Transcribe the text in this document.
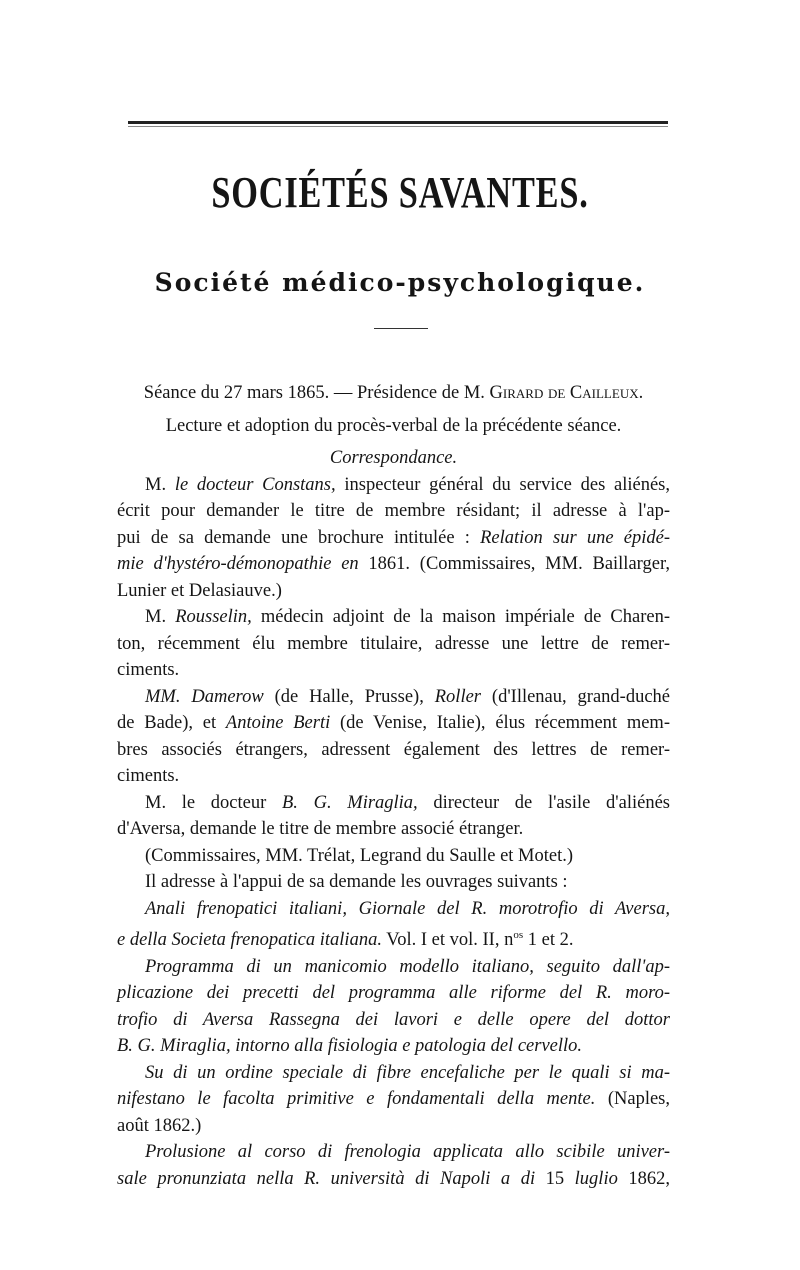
SOCIÉTÉS SAVANTES.
Société médico-psychologique.
Séance du 27 mars 1865. — Présidence de M. Girard de Cailleux.
Lecture et adoption du procès-verbal de la précédente séance.
Correspondance.
M. le docteur Constans, inspecteur général du service des aliénés,
écrit pour demander le titre de membre résidant; il adresse à l'ap-
pui de sa demande une brochure intitulée : Relation sur une épidé-
mie d'hystéro-démonopathie en 1861. (Commissaires, MM. Baillarger,
Lunier et Delasiauve.)
M. Rousselin, médecin adjoint de la maison impériale de Charen-
ton, récemment élu membre titulaire, adresse une lettre de remer-
ciments.
MM. Damerow (de Halle, Prusse), Roller (d'Illenau, grand-duché
de Bade), et Antoine Berti (de Venise, Italie), élus récemment mem-
bres associés étrangers, adressent également des lettres de remer-
ciments.
M. le docteur B. G. Miraglia, directeur de l'asile d'aliénés
d'Aversa, demande le titre de membre associé étranger.
(Commissaires, MM. Trélat, Legrand du Saulle et Motet.)
Il adresse à l'appui de sa demande les ouvrages suivants :
Anali frenopatici italiani, Giornale del R. morotrofio di Aversa,
e della Societa frenopatica italiana. Vol. I et vol. II, $n^{os}$ 1 et 2.
Programma di un manicomio modello italiano, seguito dall'ap-
plicazione dei precetti del programma alle riforme del R. moro-
trofio di Aversa Rassegna dei lavori e delle opere del dottor
B. G. Miraglia, intorno alla fisiologia e patologia del cervello.
Su di un ordine speciale di fibre encefaliche per le quali si ma-
nifestano le facolta primitive e fondamentali della mente. (Naples,
août 1862.)
Prolusione al corso di frenologia applicata allo scibile univer-
sale pronunziata nella R. università di Napoli a di 15 luglio 1862,
